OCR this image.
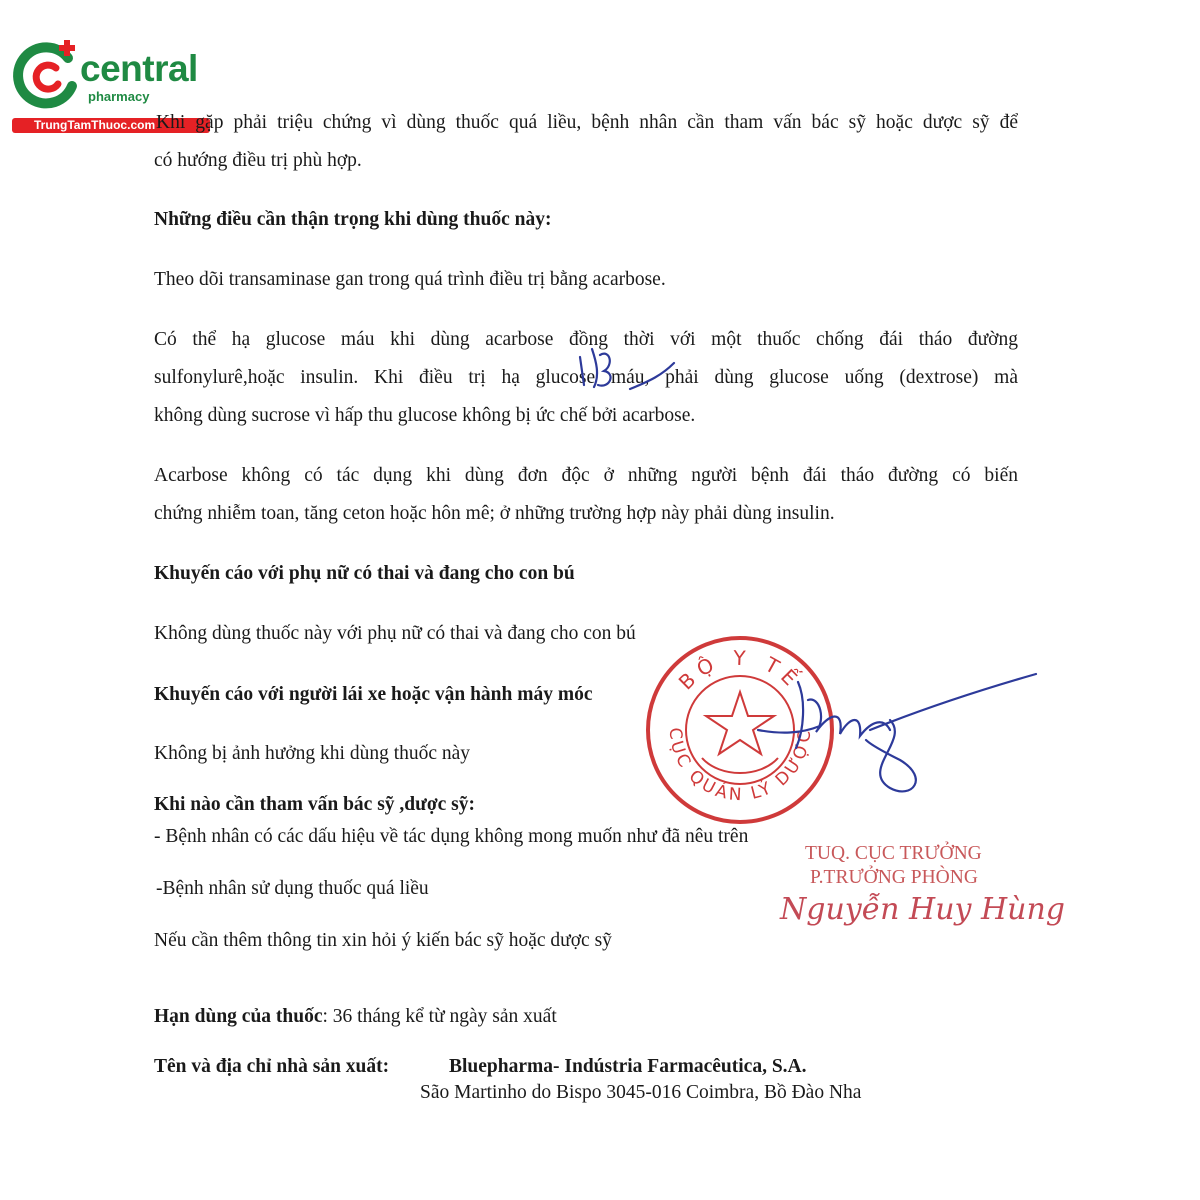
central
pharmacy
TrungTamThuoc.com Khi gặp phải triệu chứng vì dùng thuốc quá liều, bệnh nhân cần tham vấn bác sỹ hoặc dược sỹ để
có hướng điều trị phù hợp.
Những điều cần thận trọng khi dùng thuốc này:
Theo dõi transaminase gan trong quá trình điều trị bằng acarbose.
Có thể hạ glucose máu khi dùng acarbose đồng thời với một thuốc chống đái tháo đường
sulfonylurê,hoặc insulin. Khi điều trị hạ glucose máu, phải dùng glucose uống (dextrose) mà
không dùng sucrose vì hấp thu glucose không bị ức chế bởi acarbose.
Acarbose không có tác dụng khi dùng đơn độc ở những người bệnh đái tháo đường có biến
chứng nhiễm toan, tăng ceton hoặc hôn mê; ở những trường hợp này phải dùng insulin.
Khuyến cáo với phụ nữ có thai và đang cho con bú
Không dùng thuốc này với phụ nữ có thai và đang cho con bú
Khuyến cáo với người lái xe hoặc vận hành máy móc
Không bị ảnh hưởng khi dùng thuốc này
Khi nào cần tham vấn bác sỹ ,dược sỹ:
- Bệnh nhân có các dấu hiệu về tác dụng không mong muốn như đã nêu trên
-Bệnh nhân sử dụng thuốc quá liều
Nếu cần thêm thông tin xin hỏi ý kiến bác sỹ hoặc dược sỹ
Hạn dùng của thuốc: 36 tháng kể từ ngày sản xuất
Tên và địa chỉ nhà sản xuất:	Bluepharma- Indústria Farmacêutica, S.A.
São Martinho do Bispo 3045-016 Coimbra, Bồ Đào Nha
BỘ Y TẾ
CỤC QUẢN LÝ DƯỢC
TUQ. CỤC TRƯỞNG
P.TRƯỞNG PHÒNG
Nguyễn Huy Hùng
